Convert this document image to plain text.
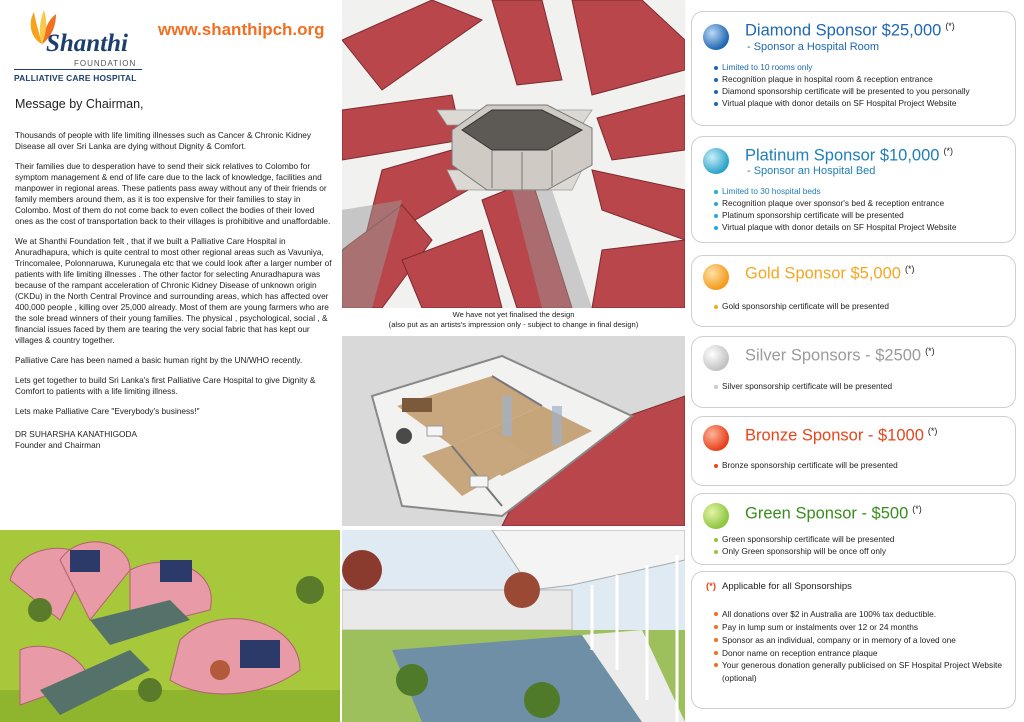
Shanthi
FOUNDATION
PALLIATIVE CARE HOSPITAL
www.shanthipch.org
Message by Chairman,

Thousands of people with life limiting illnesses such as Cancer & Chronic Kidney Disease all over Sri Lanka are dying without Dignity & Comfort.

Their families due to desperation have to send their sick relatives to Colombo for symptom management & end of life care due to the lack of knowledge, facilities and manpower in regional areas. These patients pass away without any of their friends or family members around them, as it is too expensive for their families to stay in Colombo. Most of them do not come back to even collect the bodies of their loved ones as the cost of transportation back to their villages is prohibitive and unaffordable.

We at Shanthi Foundation felt , that if we built a Palliative Care Hospital in Anuradhapura, which is quite central to most other regional areas such as Vavuniya, Trincomalee, Polonnaruwa, Kurunegala etc that we could look after a larger number of patients with life limiting illnesses . The other factor for selecting Anuradhapura was because of the rampant acceleration of Chronic Kidney Disease of unknown origin (CKDu) in the North Central Province and surrounding areas, which has affected over 400,000 people , killing over 25,000 already. Most of them are young farmers who are the sole bread winners of their young families. The physical , psychological, social , & financial issues faced by them are tearing the very social fabric that has kept our villages & country together.

Palliative Care has been named a basic human right by the UN/WHO recently.

Lets get together to build Sri Lanka's first Palliative Care Hospital to give Dignity & Comfort to patients with a life limiting illness.

Lets make Palliative Care "Everybody's business!"

DR SUHARSHA KANATHIGODA
Founder and Chairman
We have not yet finalised the design
(also put as an artists's impression only - subject to change in final design)
Diamond Sponsor $25,000 (*)
- Sponsor a Hospital Room
Limited to 10 rooms only
Recognition plaque in hospital room & reception entrance
Diamond sponsorship certificate will be presented to you personally
Virtual plaque with donor details on SF Hospital Project Website
Platinum Sponsor $10,000 (*)
- Sponsor an Hospital Bed
Limited to 30 hospital beds
Recognition plaque over sponsor's bed & reception entrance
Platinum sponsorship certificate will be presented
Virtual plaque with donor details on SF Hospital Project Website
Gold Sponsor $5,000 (*)
Gold sponsorship certificate will be presented
Silver Sponsors - $2500 (*)
Silver sponsorship certificate will be presented
Bronze Sponsor - $1000 (*)
Bronze sponsorship certificate will be presented
Green Sponsor - $500 (*)
Green sponsorship certificate will be presented
Only Green sponsorship will be once off only
(*) Applicable for all Sponsorships
All donations over $2 in Australia are 100% tax deductible.
Pay in lump sum or instalments over 12 or 24 months
Sponsor as an individual, company or in memory of a loved one
Donor name on reception entrance plaque
Your generous donation generally publicised on SF Hospital Project Website (optional)
